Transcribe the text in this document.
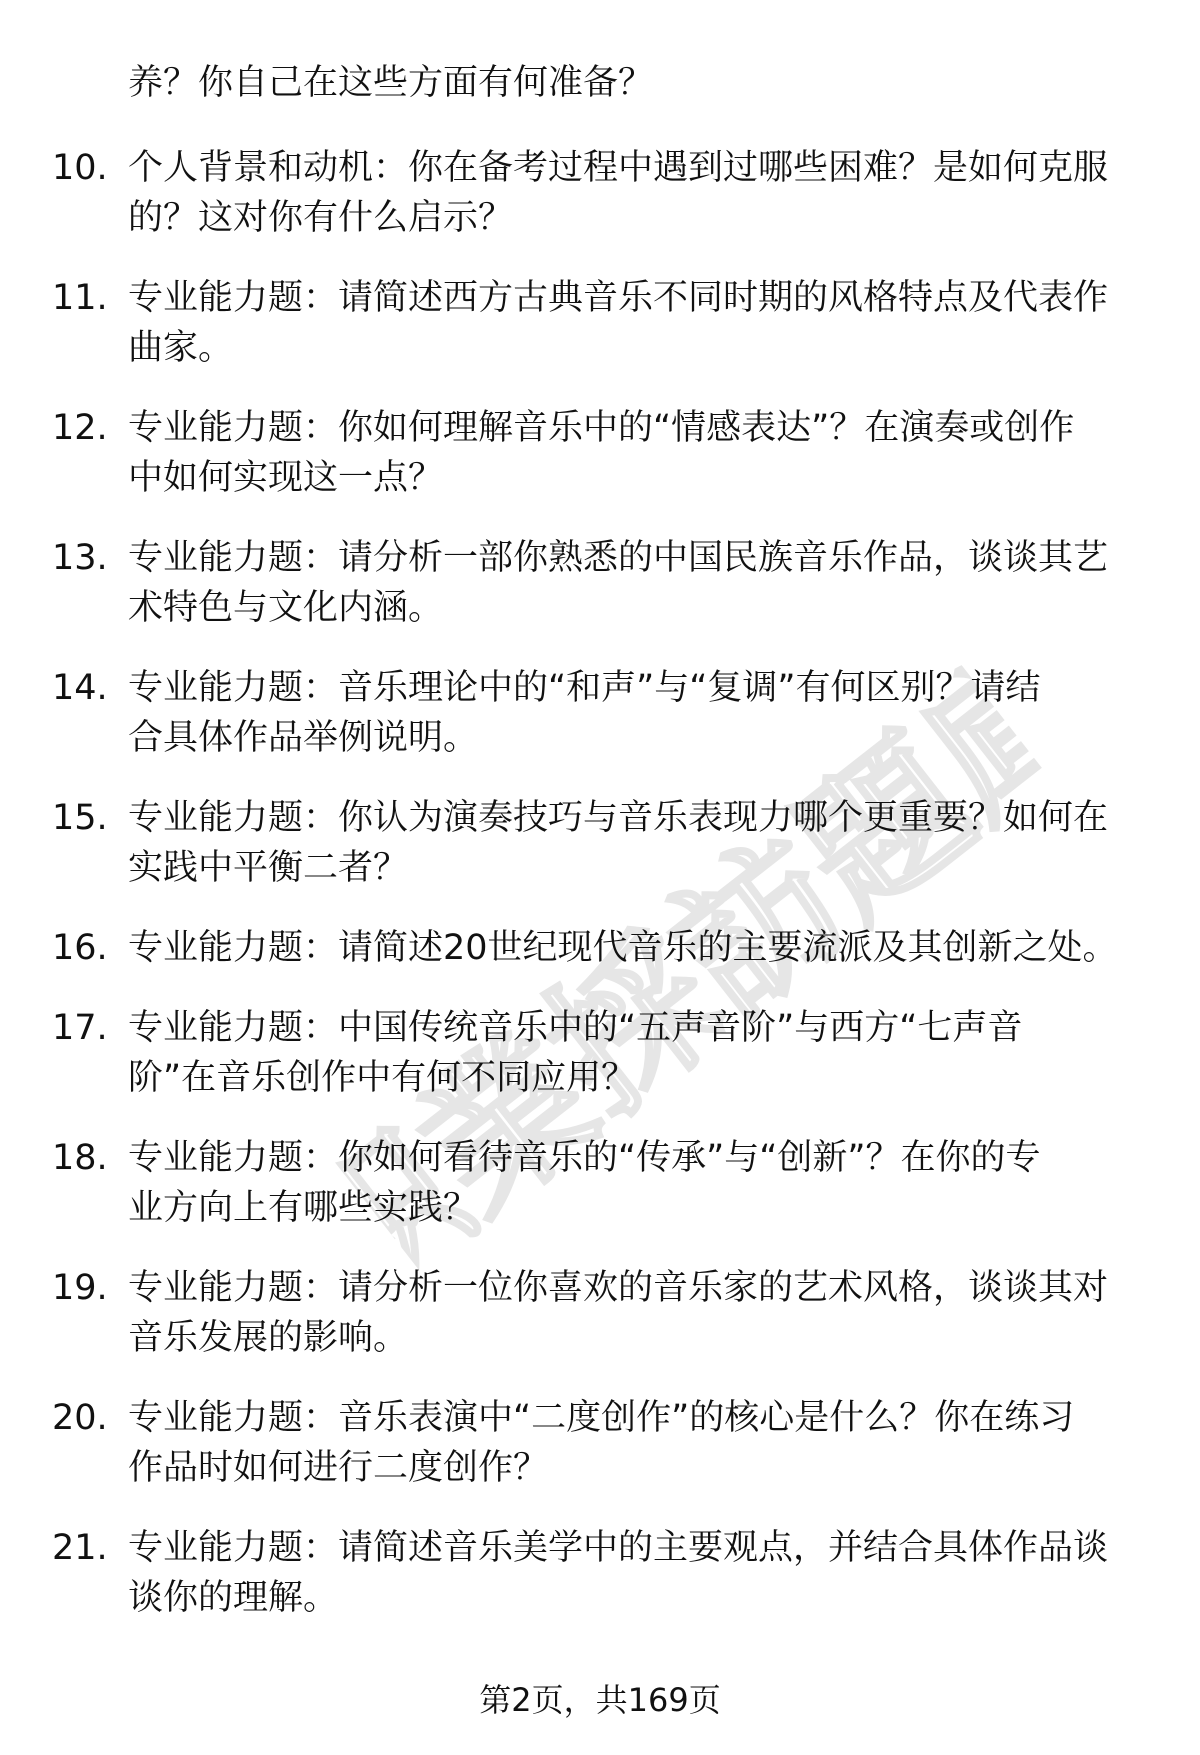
职業採訪題庫
养？你自己在这些方面有何准备？
10. 个人背景和动机：你在备考过程中遇到过哪些困难？是如何克服
的？这对你有什么启示？
11. 专业能力题：请简述西方古典音乐不同时期的风格特点及代表作
曲家。
12. 专业能力题：你如何理解音乐中的“情感表达”？在演奏或创作
中如何实现这一点？
13. 专业能力题：请分析一部你熟悉的中国民族音乐作品，谈谈其艺
术特色与文化内涵。
14. 专业能力题：音乐理论中的“和声”与“复调”有何区别？请结
合具体作品举例说明。
15. 专业能力题：你认为演奏技巧与音乐表现力哪个更重要？如何在
实践中平衡二者？
16. 专业能力题：请简述20世纪现代音乐的主要流派及其创新之处。
17. 专业能力题：中国传统音乐中的“五声音阶”与西方“七声音
阶”在音乐创作中有何不同应用？
18. 专业能力题：你如何看待音乐的“传承”与“创新”？在你的专
业方向上有哪些实践？
19. 专业能力题：请分析一位你喜欢的音乐家的艺术风格，谈谈其对
音乐发展的影响。
20. 专业能力题：音乐表演中“二度创作”的核心是什么？你在练习
作品时如何进行二度创作？
21. 专业能力题：请简述音乐美学中的主要观点，并结合具体作品谈
谈你的理解。
第2页，共169页
